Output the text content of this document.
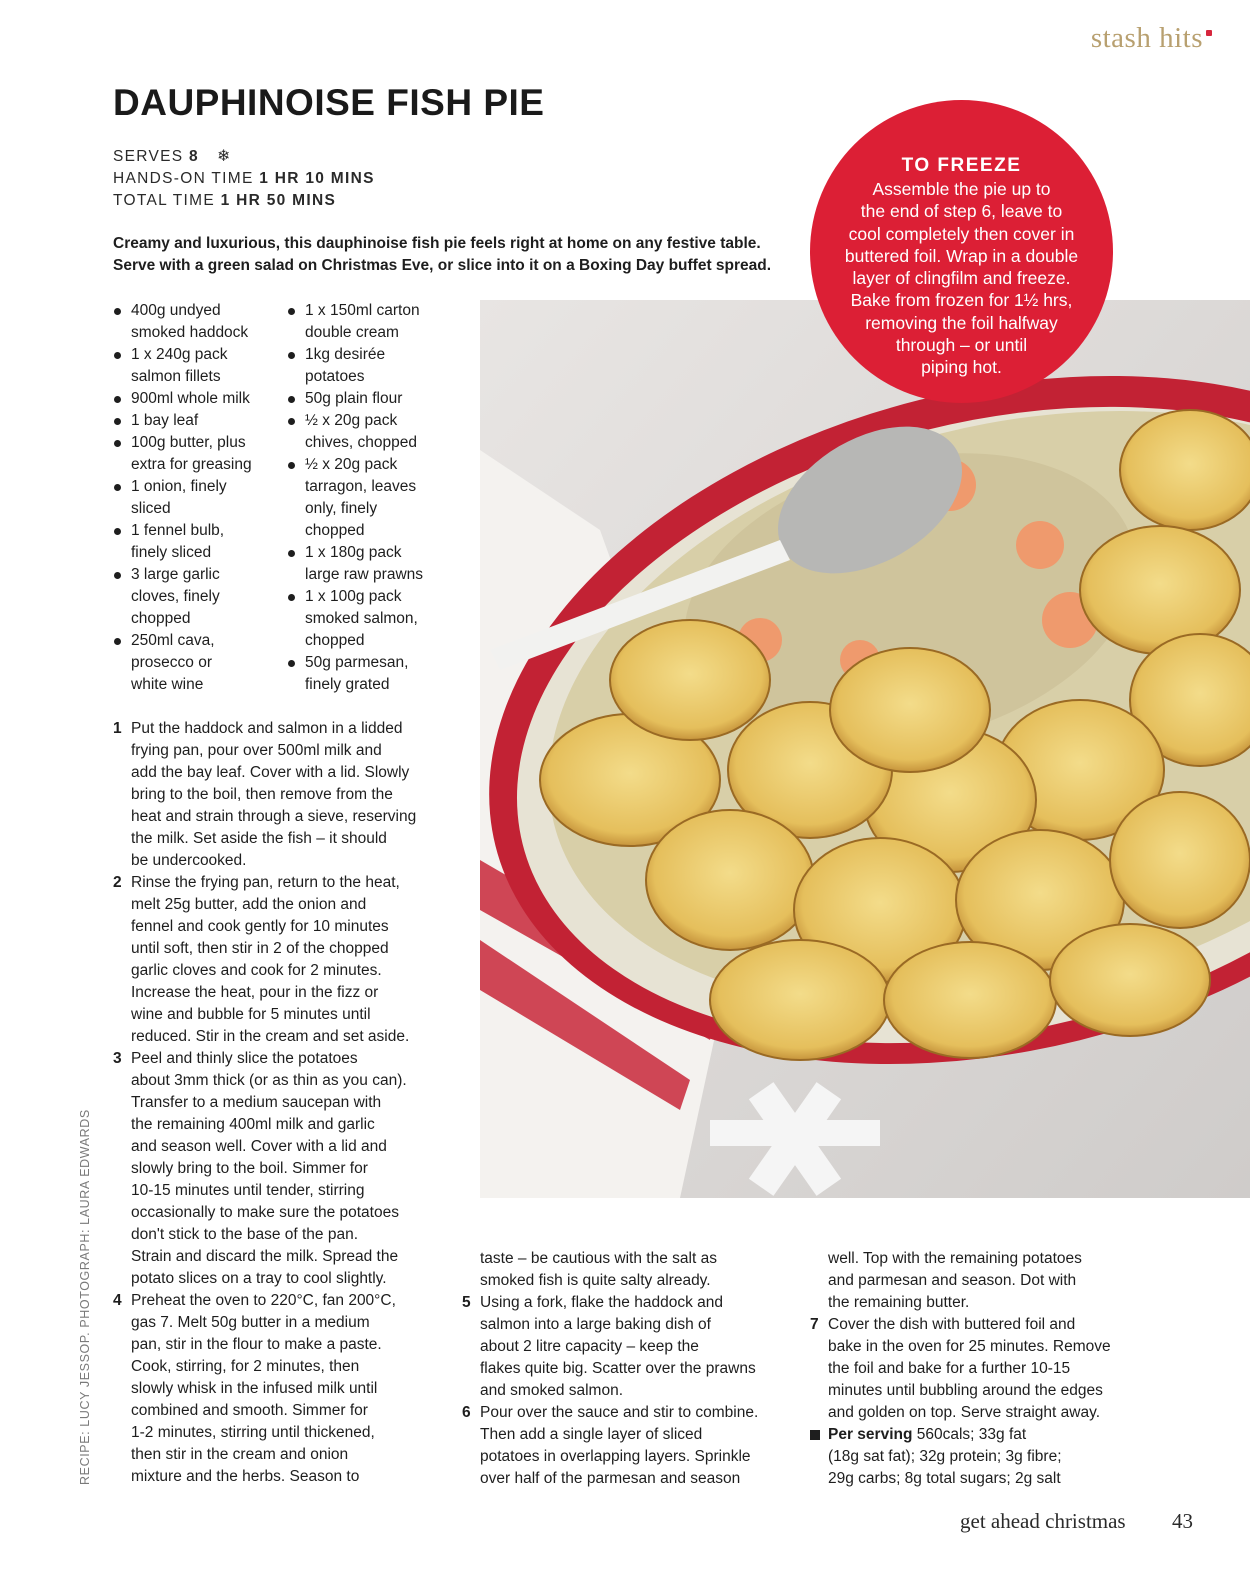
stash hits
DAUPHINOISE FISH PIE
SERVES 8 ❄
HANDS-ON TIME 1 HR 10 MINS
TOTAL TIME 1 HR 50 MINS
Creamy and luxurious, this dauphinoise fish pie feels right at home on any festive table.
Serve with a green salad on Christmas Eve, or slice into it on a Boxing Day buffet spread.
400g undyed
smoked haddock
1 x 240g pack
salmon fillets
900ml whole milk
1 bay leaf
100g butter, plus
extra for greasing
1 onion, finely
sliced
1 fennel bulb,
finely sliced
3 large garlic
cloves, finely
chopped
250ml cava,
prosecco or
white wine
1 x 150ml carton
double cream
1kg desirée
potatoes
50g plain flour
½ x 20g pack
chives, chopped
½ x 20g pack
tarragon, leaves
only, finely
chopped
1 x 180g pack
large raw prawns
1 x 100g pack
smoked salmon,
chopped
50g parmesan,
finely grated
1 Put the haddock and salmon in a lidded
frying pan, pour over 500ml milk and
add the bay leaf. Cover with a lid. Slowly
bring to the boil, then remove from the
heat and strain through a sieve, reserving
the milk. Set aside the fish – it should
be undercooked.
2 Rinse the frying pan, return to the heat,
melt 25g butter, add the onion and
fennel and cook gently for 10 minutes
until soft, then stir in 2 of the chopped
garlic cloves and cook for 2 minutes.
Increase the heat, pour in the fizz or
wine and bubble for 5 minutes until
reduced. Stir in the cream and set aside.
3 Peel and thinly slice the potatoes
about 3mm thick (or as thin as you can).
Transfer to a medium saucepan with
the remaining 400ml milk and garlic
and season well. Cover with a lid and
slowly bring to the boil. Simmer for
10-15 minutes until tender, stirring
occasionally to make sure the potatoes
don't stick to the base of the pan.
Strain and discard the milk. Spread the
potato slices on a tray to cool slightly.
4 Preheat the oven to 220°C, fan 200°C,
gas 7. Melt 50g butter in a medium
pan, stir in the flour to make a paste.
Cook, stirring, for 2 minutes, then
slowly whisk in the infused milk until
combined and smooth. Simmer for
1-2 minutes, stirring until thickened,
then stir in the cream and onion
mixture and the herbs. Season to
taste – be cautious with the salt as
smoked fish is quite salty already.
5 Using a fork, flake the haddock and
salmon into a large baking dish of
about 2 litre capacity – keep the
flakes quite big. Scatter over the prawns
and smoked salmon.
6 Pour over the sauce and stir to combine.
Then add a single layer of sliced
potatoes in overlapping layers. Sprinkle
over half of the parmesan and season
well. Top with the remaining potatoes
and parmesan and season. Dot with
the remaining butter.
7 Cover the dish with buttered foil and
bake in the oven for 25 minutes. Remove
the foil and bake for a further 10-15
minutes until bubbling around the edges
and golden on top. Serve straight away.
Per serving 560cals; 33g fat
(18g sat fat); 32g protein; 3g fibre;
29g carbs; 8g total sugars; 2g salt
TO FREEZE
Assemble the pie up to
the end of step 6, leave to
cool completely then cover in
buttered foil. Wrap in a double
layer of clingfilm and freeze.
Bake from frozen for 1½ hrs,
removing the foil halfway
through – or until
piping hot.
RECIPE: LUCY JESSOP. PHOTOGRAPH: LAURA EDWARDS
get ahead christmas 43
